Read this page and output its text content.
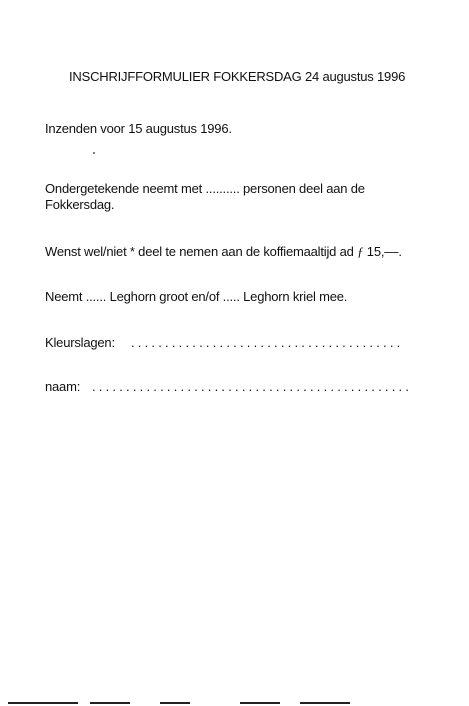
INSCHRIJFFORMULIER FOKKERSDAG 24 augustus 1996
Inzenden voor 15 augustus 1996.
Ondergetekende neemt met .......... personen deel aan de
Fokkersdag.
Wenst wel/niet * deel te nemen aan de koffiemaaltijd ad ƒ 15,––.
Neemt ...... Leghorn groot en/of ..... Leghorn kriel mee.
Kleurslagen: ........................................
naam: ...............................................
